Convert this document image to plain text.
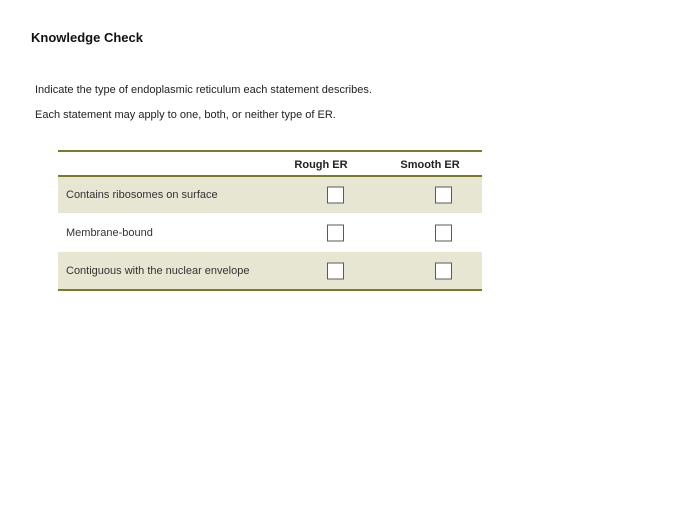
Knowledge Check
Indicate the type of endoplasmic reticulum each statement describes.
Each statement may apply to one, both, or neither type of ER.
Rough ER	Smooth ER
Contains ribosomes on surface
Membrane-bound
Contiguous with the nuclear envelope
